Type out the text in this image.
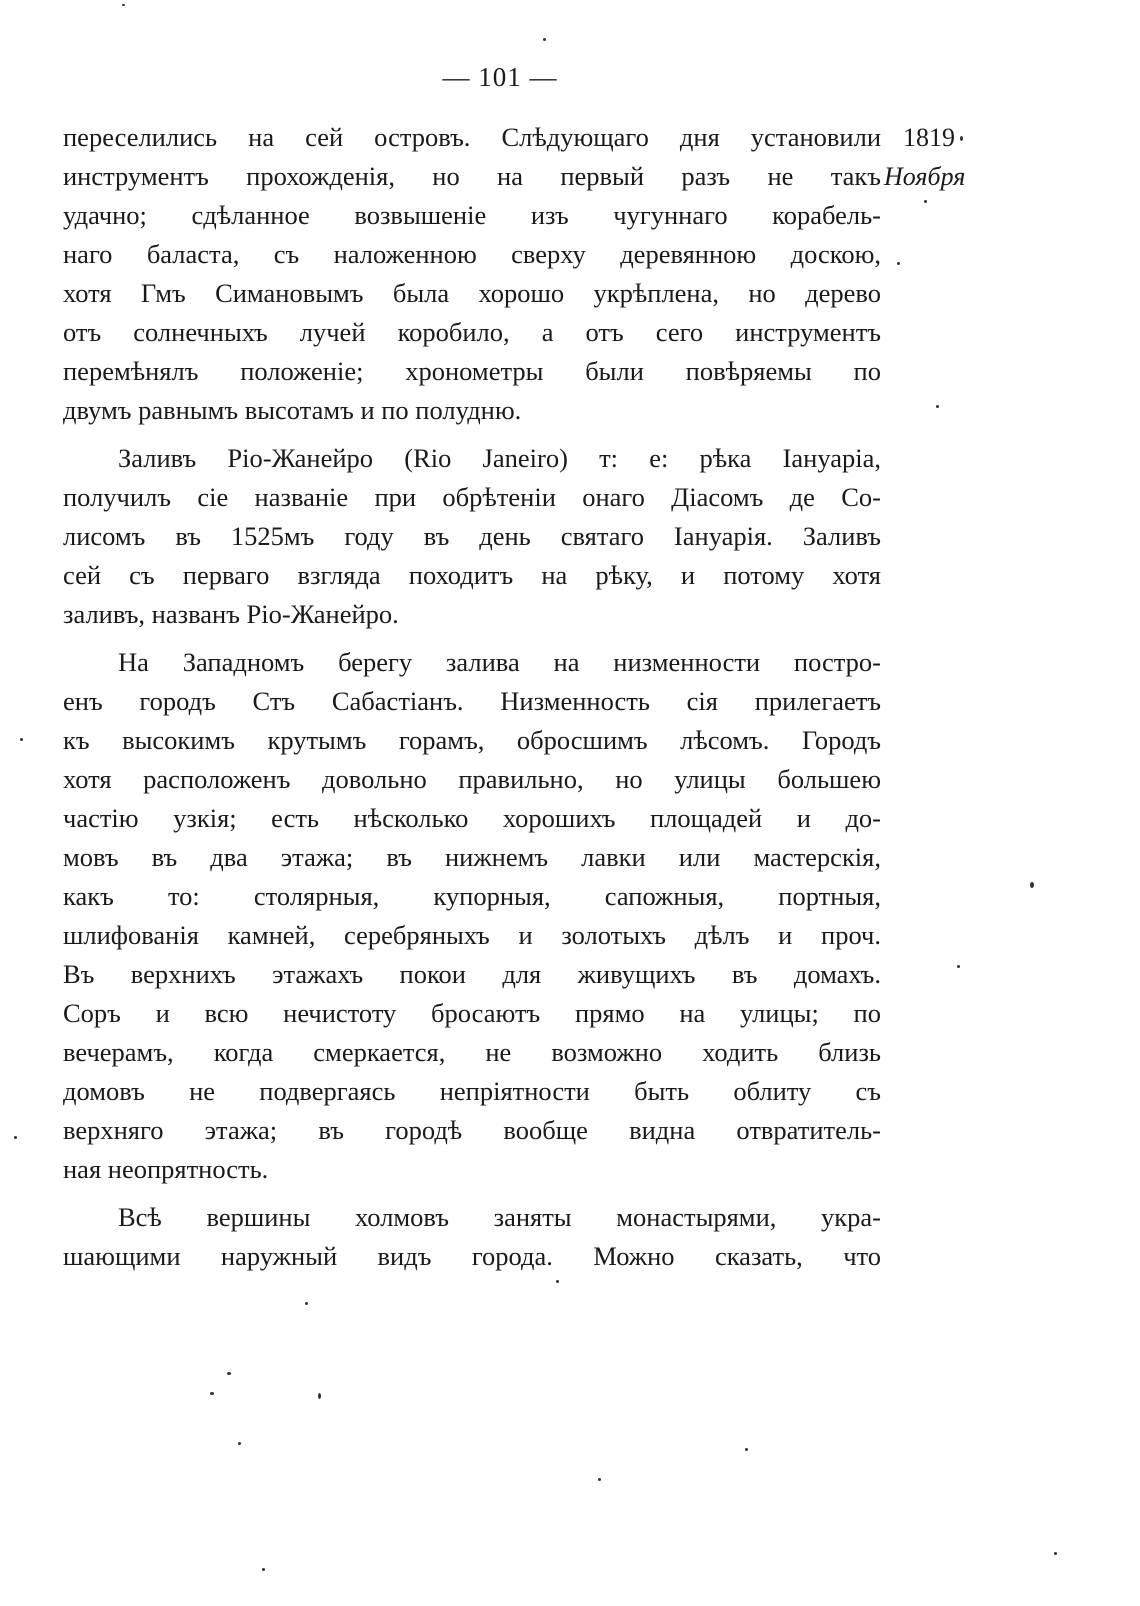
— 101 —
1819
Ноября
переселились на сей островъ. Слѣдующаго дня установили
инструментъ прохожденія, но на первый разъ не такъ
удачно; сдѣланное возвышеніе изъ чугуннаго корабель-
наго баласта, съ наложенною сверху деревянною доскою,
хотя Гмъ Симановымъ была хорошо укрѣплена, но дерево
отъ солнечныхъ лучей коробило, а отъ сего инструментъ
перемѣнялъ положеніе; хронометры были повѣряемы по
двумъ равнымъ высотамъ и по полудню.
Заливъ Ріо-Жанейро (Rio Janeiro) т: е: рѣка Іануаріа,
получилъ сіе названіе при обрѣтеніи онаго Діасомъ де Со-
лисомъ въ 1525мъ году въ день святаго Іануарія. Заливъ
сей съ перваго взгляда походитъ на рѣку, и потому хотя
заливъ, названъ Ріо-Жанейро.
На Западномъ берегу залива на низменности постро-
енъ городъ Стъ Сабастіанъ. Низменность сія прилегаетъ
къ высокимъ крутымъ горамъ, обросшимъ лѣсомъ. Городъ
хотя расположенъ довольно правильно, но улицы большею
частію узкія; есть нѣсколько хорошихъ площадей и до-
мовъ въ два этажа; въ нижнемъ лавки или мастерскія,
какъ то: столярныя, купорныя, сапожныя, портныя,
шлифованія камней, серебряныхъ и золотыхъ дѣлъ и проч.
Въ верхнихъ этажахъ покои для живущихъ въ домахъ.
Соръ и всю нечистоту бросаютъ прямо на улицы; по
вечерамъ, когда смеркается, не возможно ходить близь
домовъ не подвергаясь непріятности быть облиту съ
верхняго этажа; въ городѣ вообще видна отвратитель-
ная неопрятность.
Всѣ вершины холмовъ заняты монастырями, укра-
шающими наружный видъ города. Можно сказать, что
